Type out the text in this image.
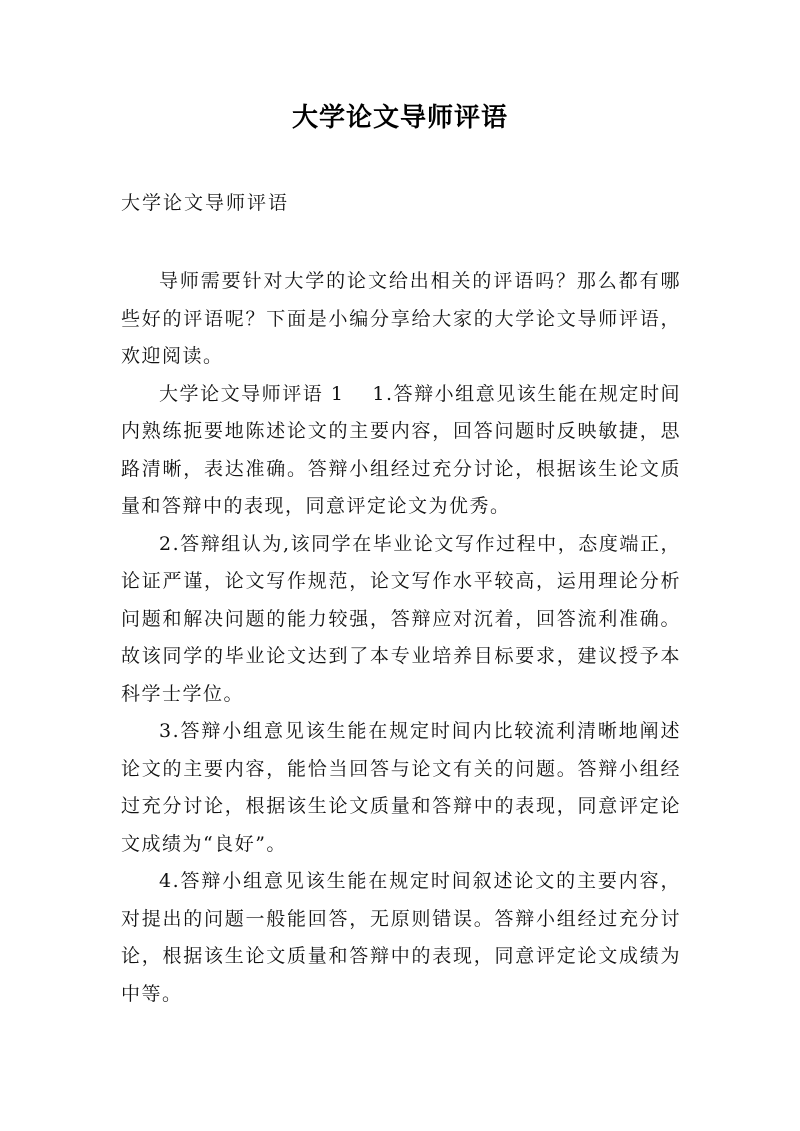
大学论文导师评语

大学论文导师评语

导师需要针对大学的论文给出相关的评语吗？那么都有哪些好的评语呢？下面是小编分享给大家的大学论文导师评语，欢迎阅读。

大学论文导师评语 1 1.答辩小组意见该生能在规定时间内熟练扼要地陈述论文的主要内容，回答问题时反映敏捷，思路清晰，表达准确。答辩小组经过充分讨论，根据该生论文质量和答辩中的表现，同意评定论文为优秀。

2.答辩组认为,该同学在毕业论文写作过程中，态度端正，论证严谨，论文写作规范，论文写作水平较高，运用理论分析问题和解决问题的能力较强，答辩应对沉着，回答流利准确。故该同学的毕业论文达到了本专业培养目标要求，建议授予本科学士学位。

3.答辩小组意见该生能在规定时间内比较流利清晰地阐述论文的主要内容，能恰当回答与论文有关的问题。答辩小组经过充分讨论，根据该生论文质量和答辩中的表现，同意评定论文成绩为“良好”。

4.答辩小组意见该生能在规定时间叙述论文的主要内容，对提出的问题一般能回答，无原则错误。答辩小组经过充分讨论，根据该生论文质量和答辩中的表现，同意评定论文成绩为中等。
